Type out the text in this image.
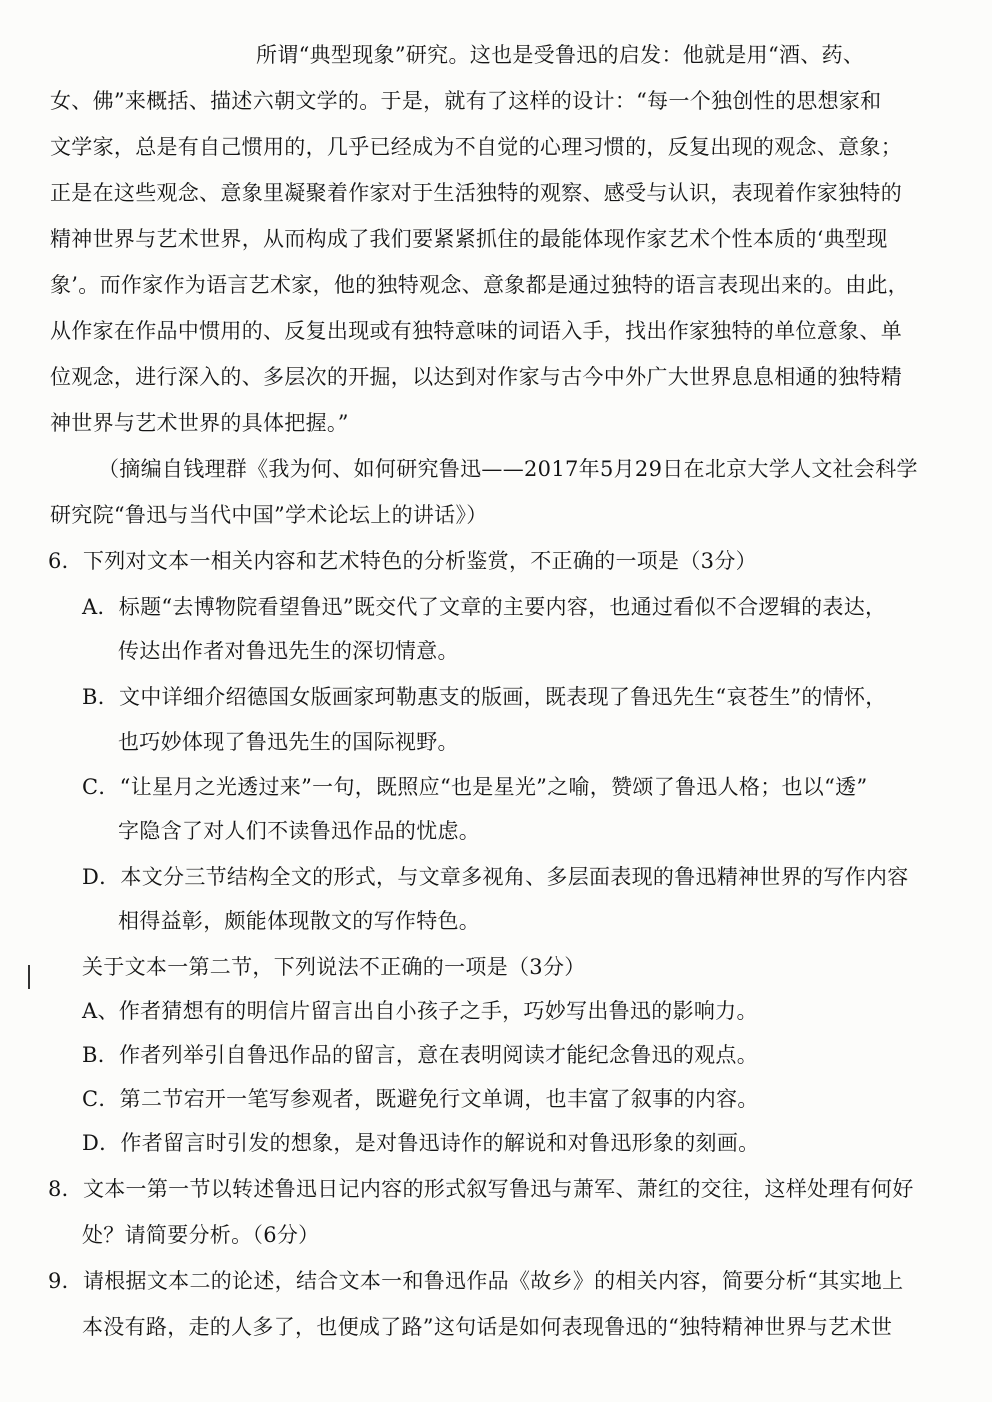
所谓“典型现象”研究。这也是受鲁迅的启发：他就是用“酒、药、
女、佛”来概括、描述六朝文学的。于是，就有了这样的设计：“每一个独创性的思想家和
文学家，总是有自己惯用的，几乎已经成为不自觉的心理习惯的，反复出现的观念、意象；
正是在这些观念、意象里凝聚着作家对于生活独特的观察、感受与认识，表现着作家独特的
精神世界与艺术世界，从而构成了我们要紧紧抓住的最能体现作家艺术个性本质的‘典型现
象’。而作家作为语言艺术家，他的独特观念、意象都是通过独特的语言表现出来的。由此，
从作家在作品中惯用的、反复出现或有独特意味的词语入手，找出作家独特的单位意象、单
位观念，进行深入的、多层次的开掘，以达到对作家与古今中外广大世界息息相通的独特精
神世界与艺术世界的具体把握。”
（摘编自钱理群《我为何、如何研究鲁迅——2017年5月29日在北京大学人文社会科学
研究院“鲁迅与当代中国”学术论坛上的讲话》）
6．下列对文本一相关内容和艺术特色的分析鉴赏，不正确的一项是（3分）
A．标题“去博物院看望鲁迅”既交代了文章的主要内容，也通过看似不合逻辑的表达，
传达出作者对鲁迅先生的深切情意。
B．文中详细介绍德国女版画家珂勒惠支的版画，既表现了鲁迅先生“哀苍生”的情怀，
也巧妙体现了鲁迅先生的国际视野。
C．“让星月之光透过来”一句，既照应“也是星光”之喻，赞颂了鲁迅人格；也以“透”
字隐含了对人们不读鲁迅作品的忧虑。
D．本文分三节结构全文的形式，与文章多视角、多层面表现的鲁迅精神世界的写作内容
相得益彰，颇能体现散文的写作特色。
关于文本一第二节，下列说法不正确的一项是（3分）
A、作者猜想有的明信片留言出自小孩子之手，巧妙写出鲁迅的影响力。
B．作者列举引自鲁迅作品的留言，意在表明阅读才能纪念鲁迅的观点。
C．第二节宕开一笔写参观者，既避免行文单调，也丰富了叙事的内容。
D．作者留言时引发的想象，是对鲁迅诗作的解说和对鲁迅形象的刻画。
8．文本一第一节以转述鲁迅日记内容的形式叙写鲁迅与萧军、萧红的交往，这样处理有何好
处？请简要分析。（6分）
9．请根据文本二的论述，结合文本一和鲁迅作品《故乡》的相关内容，简要分析“其实地上
本没有路，走的人多了，也便成了路”这句话是如何表现鲁迅的“独特精神世界与艺术世
